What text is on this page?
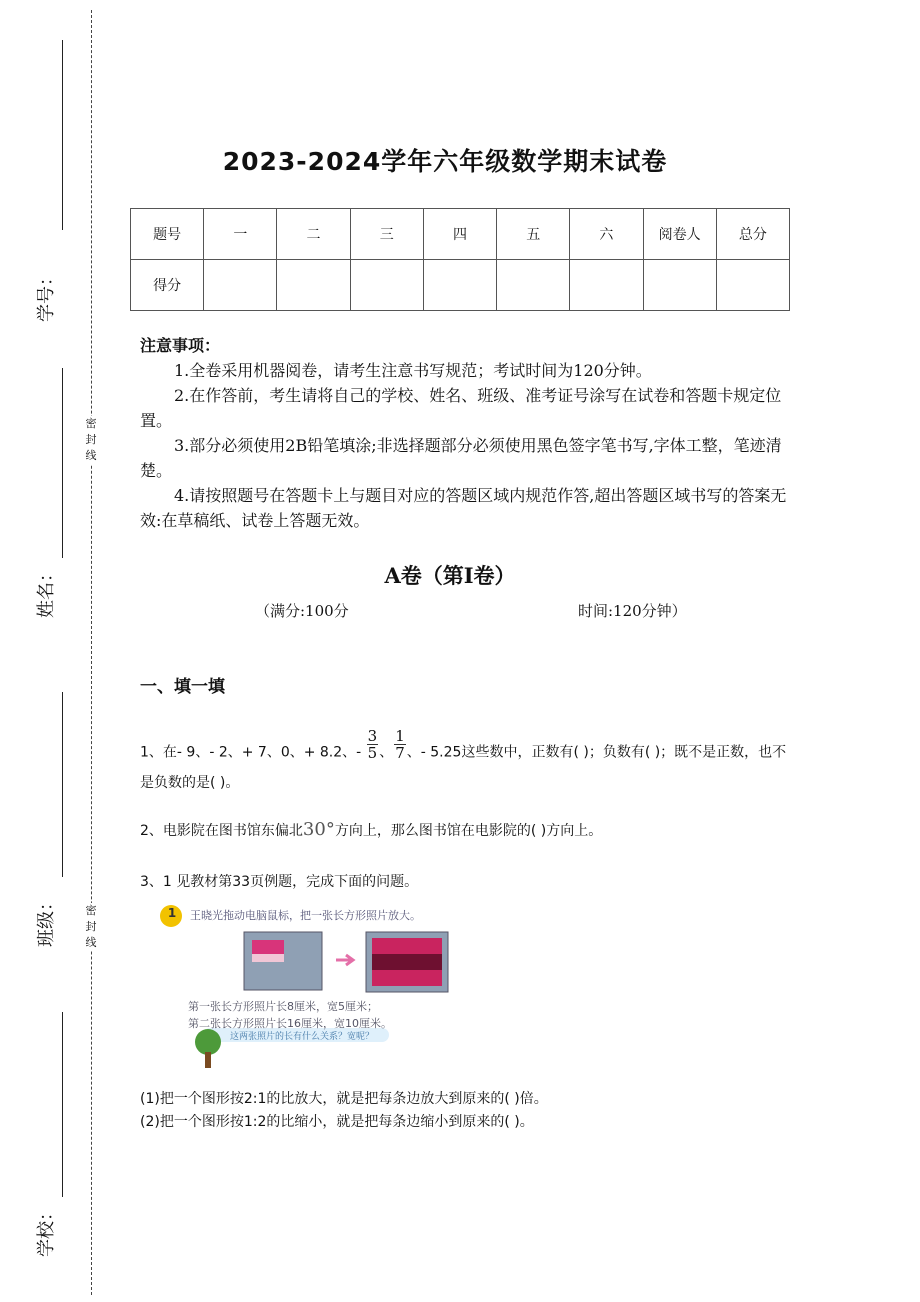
学号：
姓名：
班级：
学校：
密
封
线
密
封
线
2023-2024学年六年级数学期末试卷
题号	一	二	三	四	五	六	阅卷人	总分
得分								
注意事项：

1.全卷采用机器阅卷，请考生注意书写规范；考试时间为120分钟。

2.在作答前，考生请将自己的学校、姓名、班级、准考证号涂写在试卷和答题卡规定位置。

3.部分必须使用2B铅笔填涂;非选择题部分必须使用黑色签字笔书写,字体工整，笔迹清楚。

4.请按照题号在答题卡上与题目对应的答题区域内规范作答,超出答题区域书写的答案无效:在草稿纸、试卷上答题无效。

A卷（第Ⅰ卷）
（满分:100分	时间:120分钟）
一、填一填
1、在- 9、- 2、+ 7、0、+ 8.2、- $\frac{3}{5}$ 、 $\frac{1}{7}$ 、- 5.25这些数中，正数有( )；负数有( )；既不是正数，也不是负数的是( )。
2、电影院在图书馆东偏北30°方向上，那么图书馆在电影院的( )方向上。
3、1 见教材第33页例题，完成下面的问题。
1 王晓光拖动电脑鼠标，把一张长方形照片放大。
第一张长方形照片长8厘米，宽5厘米；
第二张长方形照片长16厘米，宽10厘米。
这两张照片的长有什么关系？宽呢？
(1)把一个图形按2:1的比放大，就是把每条边放大到原来的( )倍。
(2)把一个图形按1:2的比缩小，就是把每条边缩小到原来的( )。
